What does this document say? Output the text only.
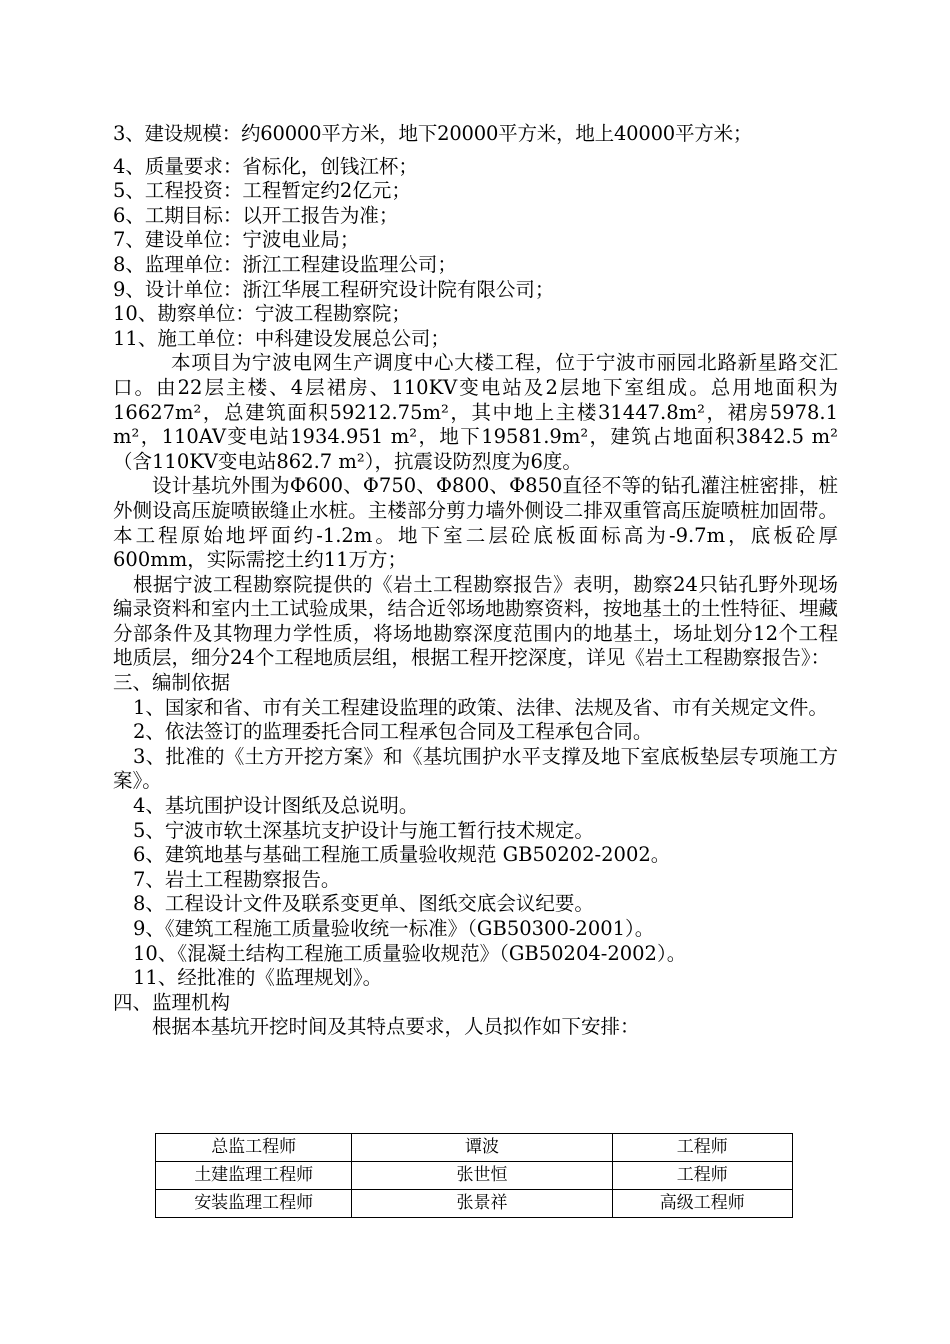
3、建设规模：约60000平方米，地下20000平方米，地上40000平方米；
4、质量要求：省标化，创钱江杯；
5、工程投资：工程暂定约2亿元；
6、工期目标：以开工报告为准；
7、建设单位：宁波电业局；
8、监理单位：浙江工程建设监理公司；
9、设计单位：浙江华展工程研究设计院有限公司；
10、勘察单位：宁波工程勘察院；
11、施工单位：中科建设发展总公司；
本项目为宁波电网生产调度中心大楼工程，位于宁波市丽园北路新星路交汇口。由22层主楼、4层裙房、110KV变电站及2层地下室组成。总用地面积为16627m²，总建筑面积59212.75m²，其中地上主楼31447.8m²，裙房5978.1 m²，110AV变电站1934.951 m²，地下19581.9m²，建筑占地面积3842.5 m²（含110KV变电站862.7 m²），抗震设防烈度为6度。
设计基坑外围为Φ600、Φ750、Φ800、Φ850直径不等的钻孔灌注桩密排，桩外侧设高压旋喷嵌缝止水桩。主楼部分剪力墙外侧设二排双重管高压旋喷桩加固带。本工程原始地坪面约-1.2m。地下室二层砼底板面标高为-9.7m，底板砼厚600mm，实际需挖土约11万方；
根据宁波工程勘察院提供的《岩土工程勘察报告》表明，勘察24只钻孔野外现场编录资料和室内土工试验成果，结合近邻场地勘察资料，按地基土的土性特征、埋藏分部条件及其物理力学性质，将场地勘察深度范围内的地基土，场址划分12个工程地质层，细分24个工程地质层组，根据工程开挖深度，详见《岩土工程勘察报告》：
三、编制依据
1、国家和省、市有关工程建设监理的政策、法律、法规及省、市有关规定文件。
2、依法签订的监理委托合同工程承包合同及工程承包合同。
3、批准的《土方开挖方案》和《基坑围护水平支撑及地下室底板垫层专项施工方案》。
4、基坑围护设计图纸及总说明。
5、宁波市软土深基坑支护设计与施工暂行技术规定。
6、建筑地基与基础工程施工质量验收规范 GB50202-2002。
7、岩土工程勘察报告。
8、工程设计文件及联系变更单、图纸交底会议纪要。
9、《建筑工程施工质量验收统一标准》（GB50300-2001）。
10、《混凝土结构工程施工质量验收规范》（GB50204-2002）。
11、经批准的《监理规划》。
四、监理机构
根据本基坑开挖时间及其特点要求，人员拟作如下安排：
总监工程师	谭波	工程师
土建监理工程师	张世恒	工程师
安装监理工程师	张景祥	高级工程师
